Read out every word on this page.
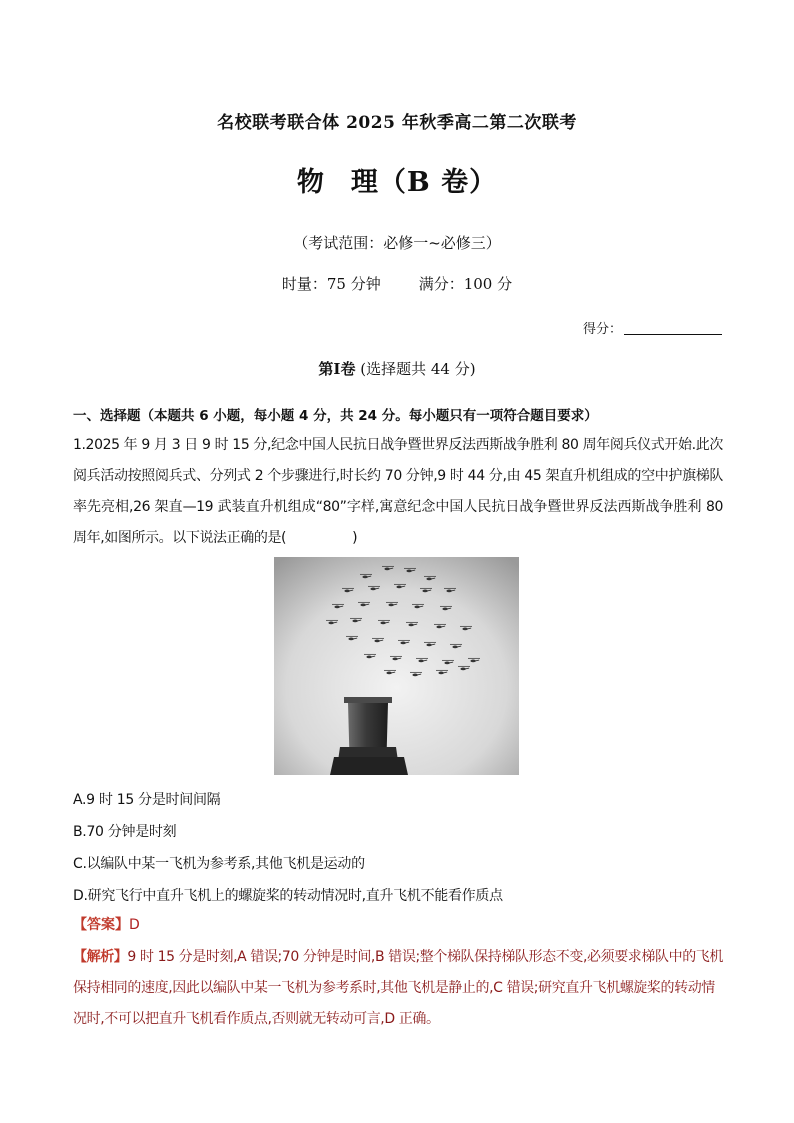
名校联考联合体 2025 年秋季高二第二次联考
物 理（B 卷）
（考试范围：必修一~必修三）
时量：75 分钟	满分：100 分
得分：
第Ⅰ卷 (选择题共 44 分)
一、选择题（本题共 6 小题，每小题 4 分，共 24 分。每小题只有一项符合题目要求）
1.2025 年 9 月 3 日 9 时 15 分,纪念中国人民抗日战争暨世界反法西斯战争胜利 80 周年阅兵仪式开始.此次阅兵活动按照阅兵式、分列式 2 个步骤进行,时长约 70 分钟,9 时 44 分,由 45 架直升机组成的空中护旗梯队率先亮相,26 架直—19 武装直升机组成“80”字样,寓意纪念中国人民抗日战争暨世界反法西斯战争胜利 80 周年,如图所示。以下说法正确的是(	)
A.9 时 15 分是时间间隔
B.70 分钟是时刻
C.以编队中某一飞机为参考系,其他飞机是运动的
D.研究飞行中直升飞机上的螺旋桨的转动情况时,直升飞机不能看作质点
【答案】D
【解析】9 时 15 分是时刻,A 错误;70 分钟是时间,B 错误;整个梯队保持梯队形态不变,必须要求梯队中的飞机保持相同的速度,因此以编队中某一飞机为参考系时,其他飞机是静止的,C 错误;研究直升飞机螺旋桨的转动情况时,不可以把直升飞机看作质点,否则就无转动可言,D 正确。
